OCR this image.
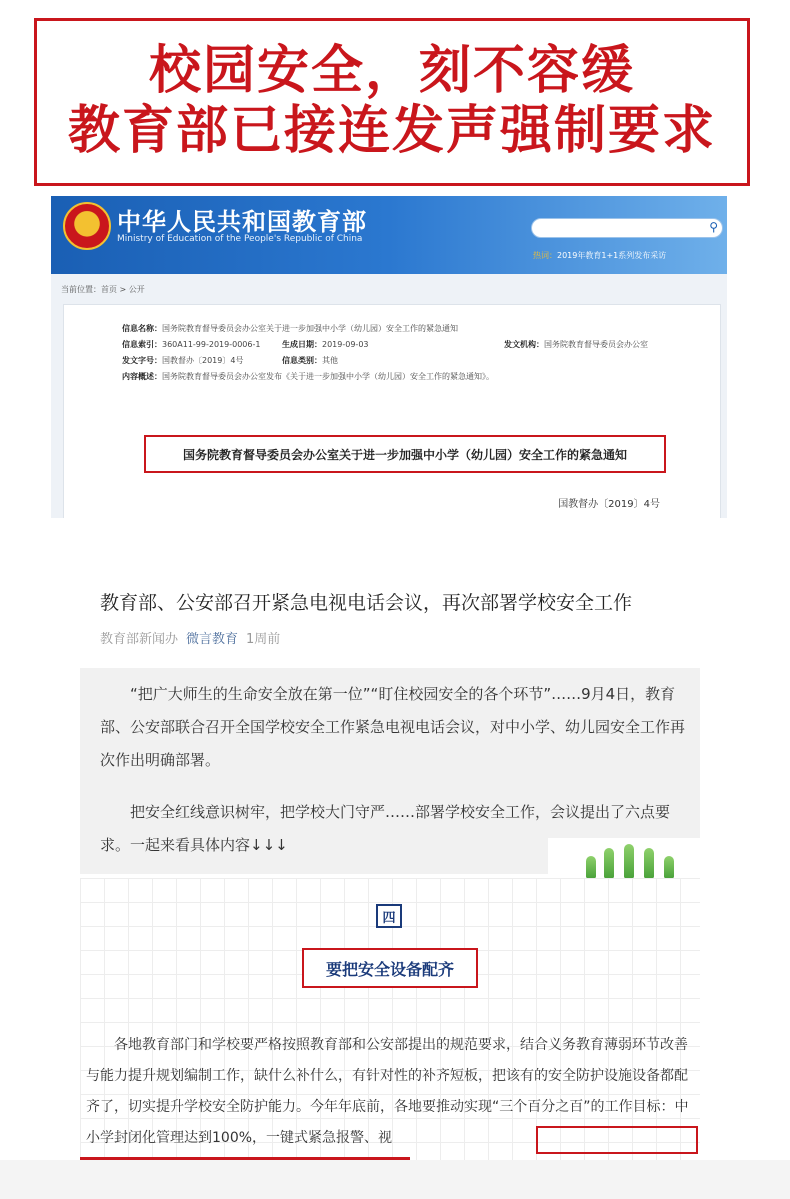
校园安全，刻不容缓
教育部已接连发声强制要求
中华人民共和国教育部
Ministry of Education of the People's Republic of China
⚲
热词：2019年教育1+1系列发布采访
当前位置：首页 > 公开
信息名称：国务院教育督导委员会办公室关于进一步加强中小学（幼儿园）安全工作的紧急通知
信息索引：360A11-99-2019-0006-1	生成日期：2019-09-03	发文机构：国务院教育督导委员会办公室
发文字号：国教督办〔2019〕4号	信息类别：其他
内容概述：国务院教育督导委员会办公室发布《关于进一步加强中小学（幼儿园）安全工作的紧急通知》。
国务院教育督导委员会办公室关于进一步加强中小学（幼儿园）安全工作的紧急通知
国教督办〔2019〕4号
教育部、公安部召开紧急电视电话会议，再次部署学校安全工作
教育部新闻办 微言教育 1周前

“把广大师生的生命安全放在第一位”“盯住校园安全的各个环节”……9月4日，教育部、公安部联合召开全国学校安全工作紧急电视电话会议，对中小学、幼儿园安全工作再次作出明确部署。

把安全红线意识树牢，把学校大门守严……部署学校安全工作，会议提出了六点要求。一起来看具体内容↓↓↓

四
要把安全设备配齐

各地教育部门和学校要严格按照教育部和公安部提出的规范要求，结合义务教育薄弱环节改善与能力提升规划编制工作，缺什么补什么，有针对性的补齐短板，把该有的安全防护设施设备都配齐了，切实提升学校安全防护能力。今年年底前，各地要推动实现“三个百分之百”的工作目标：中小学封闭化管理达到100%，一键式紧急报警、视
